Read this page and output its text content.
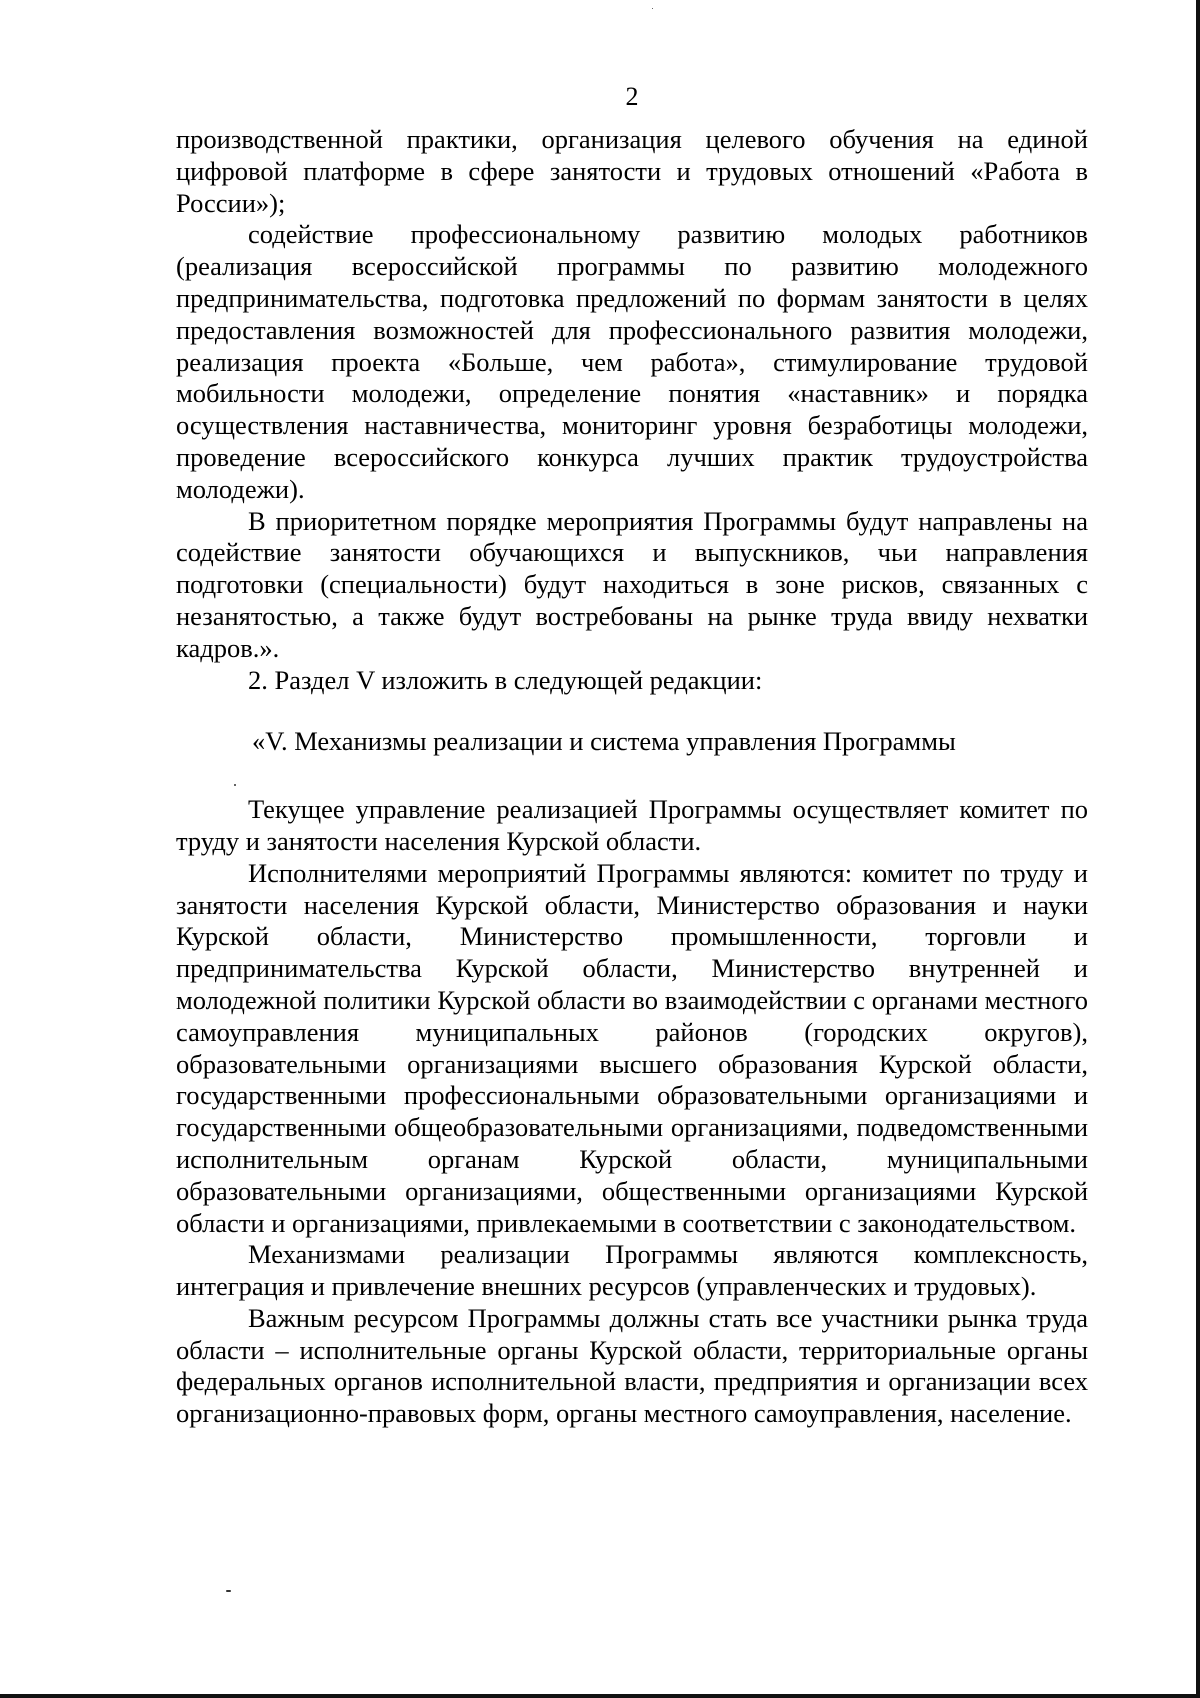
2

производственной практики, организация целевого обучения на единой цифровой платформе в сфере занятости и трудовых отношений «Работа в России»);

содействие профессиональному развитию молодых работников (реализация всероссийской программы по развитию молодежного предпринимательства, подготовка предложений по формам занятости в целях предоставления возможностей для профессионального развития молодежи, реализация проекта «Больше, чем работа», стимулирование трудовой мобильности молодежи, определение понятия «наставник» и порядка осуществления наставничества, мониторинг уровня безработицы молодежи, проведение всероссийского конкурса лучших практик трудоустройства молодежи).

В приоритетном порядке мероприятия Программы будут направлены на содействие занятости обучающихся и выпускников, чьи направления подготовки (специальности) будут находиться в зоне рисков, связанных с незанятостью, а также будут востребованы на рынке труда ввиду нехватки кадров.».

2. Раздел V изложить в следующей редакции:

«V. Механизмы реализации и система управления Программы

Текущее управление реализацией Программы осуществляет комитет по труду и занятости населения Курской области.

Исполнителями мероприятий Программы являются: комитет по труду и занятости населения Курской области, Министерство образования и науки Курской области, Министерство промышленности, торговли и предпринимательства Курской области, Министерство внутренней и молодежной политики Курской области во взаимодействии с органами местного самоуправления муниципальных районов (городских округов), образовательными организациями высшего образования Курской области, государственными профессиональными образовательными организациями и государственными общеобразовательными организациями, подведомственными исполнительным органам Курской области, муниципальными образовательными организациями, общественными организациями Курской области и организациями, привлекаемыми в соответствии с законодательством.

Механизмами реализации Программы являются комплексность, интеграция и привлечение внешних ресурсов (управленческих и трудовых).

Важным ресурсом Программы должны стать все участники рынка труда области – исполнительные органы Курской области, территориальные органы федеральных органов исполнительной власти, предприятия и организации всех организационно-правовых форм, органы местного самоуправления, население.
